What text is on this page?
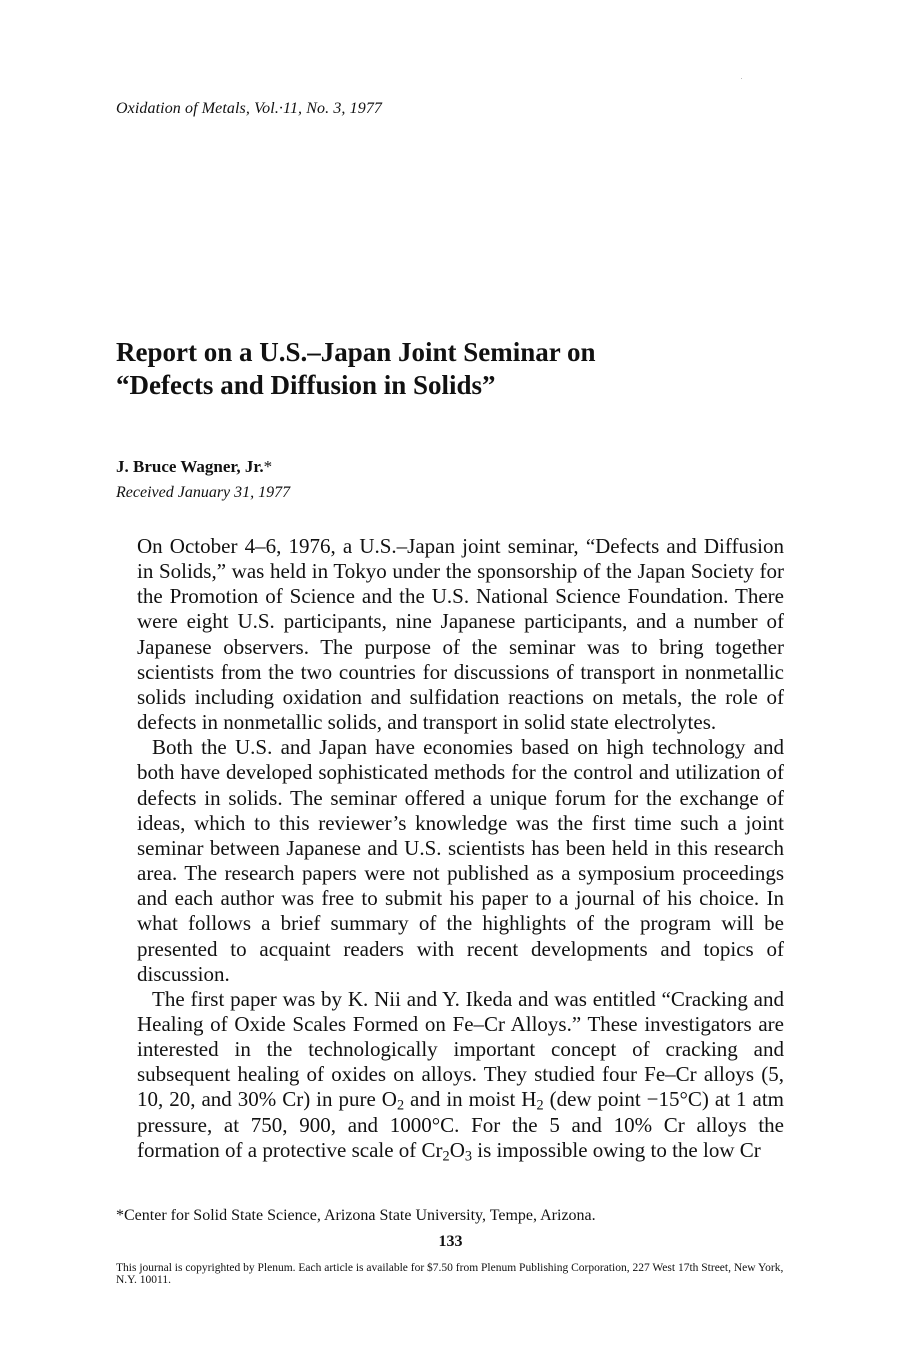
Oxidation of Metals, Vol.·11, No. 3, 1977
Report on a U.S.–Japan Joint Seminar on
“Defects and Diffusion in Solids”
J. Bruce Wagner, Jr.*
Received January 31, 1977

On October 4–6, 1976, a U.S.–Japan joint seminar, “Defects and Diffusion in Solids,” was held in Tokyo under the sponsorship of the Japan Society for the Promotion of Science and the U.S. National Science Foundation. There were eight U.S. participants, nine Japanese participants, and a number of Japanese observers. The purpose of the seminar was to bring together scientists from the two countries for discussions of transport in nonmetallic solids including oxidation and sulfidation reactions on metals, the role of defects in nonmetallic solids, and transport in solid state electrolytes.

Both the U.S. and Japan have economies based on high technology and both have developed sophisticated methods for the control and utilization of defects in solids. The seminar offered a unique forum for the exchange of ideas, which to this reviewer’s knowledge was the first time such a joint seminar between Japanese and U.S. scientists has been held in this research area. The research papers were not published as a symposium proceedings and each author was free to submit his paper to a journal of his choice. In what follows a brief summary of the highlights of the program will be presented to acquaint readers with recent developments and topics of discussion.

The first paper was by K. Nii and Y. Ikeda and was entitled “Cracking and Healing of Oxide Scales Formed on Fe–Cr Alloys.” These investigators are interested in the technologically important concept of cracking and subsequent healing of oxides on alloys. They studied four Fe–Cr alloys (5, 10, 20, and 30% Cr) in pure $O_2$ and in moist $H_2$ (dew point −15°C) at 1 atm pressure, at 750, 900, and 1000°C. For the 5 and 10% Cr alloys the formation of a protective scale of $Cr_2O_3$ is impossible owing to the low Cr

*Center for Solid State Science, Arizona State University, Tempe, Arizona.
133
This journal is copyrighted by Plenum. Each article is available for $7.50 from Plenum Publishing Corporation, 227 West 17th Street, New York, N.Y. 10011.
